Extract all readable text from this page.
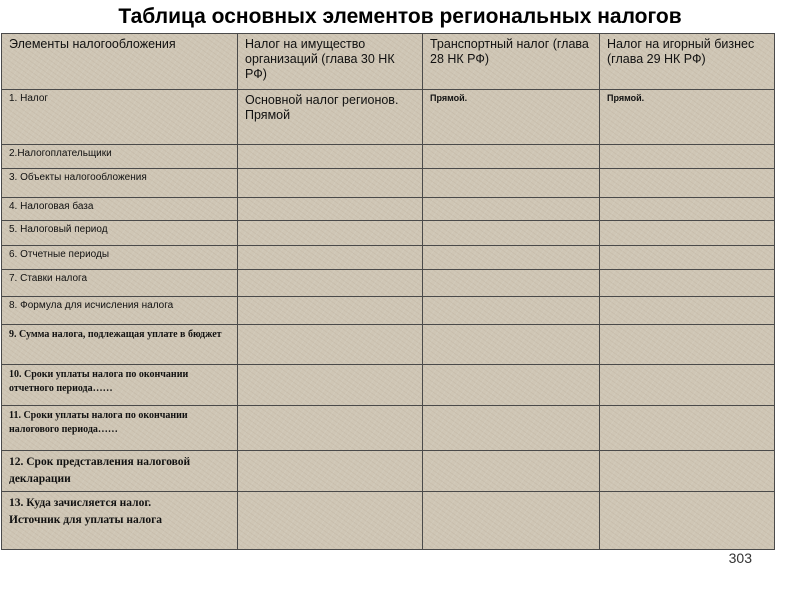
Таблица основных элементов региональных налогов
Элементы налогообложения	Налог на имущество организаций (глава 30 НК РФ)	Транспортный налог (глава 28 НК РФ)	Налог на игорный бизнес (глава 29 НК РФ)
1. Налог	Основной налог регионов. Прямой	Прямой.	Прямой.
2.Налогоплательщики			
3. Объекты налогообложения			
4. Налоговая база			
5. Налоговый период			
6. Отчетные периоды			
7. Ставки налога			
8. Формула для исчисления налога			
9. Сумма налога, подлежащая уплате в бюджет			
10. Сроки уплаты налога по окончании отчетного периода……			
11. Сроки уплаты налога по окончании налогового периода……			
12. Срок представления налоговой декларации			
13. Куда зачисляется налог.
Источник для уплаты налога			
303
